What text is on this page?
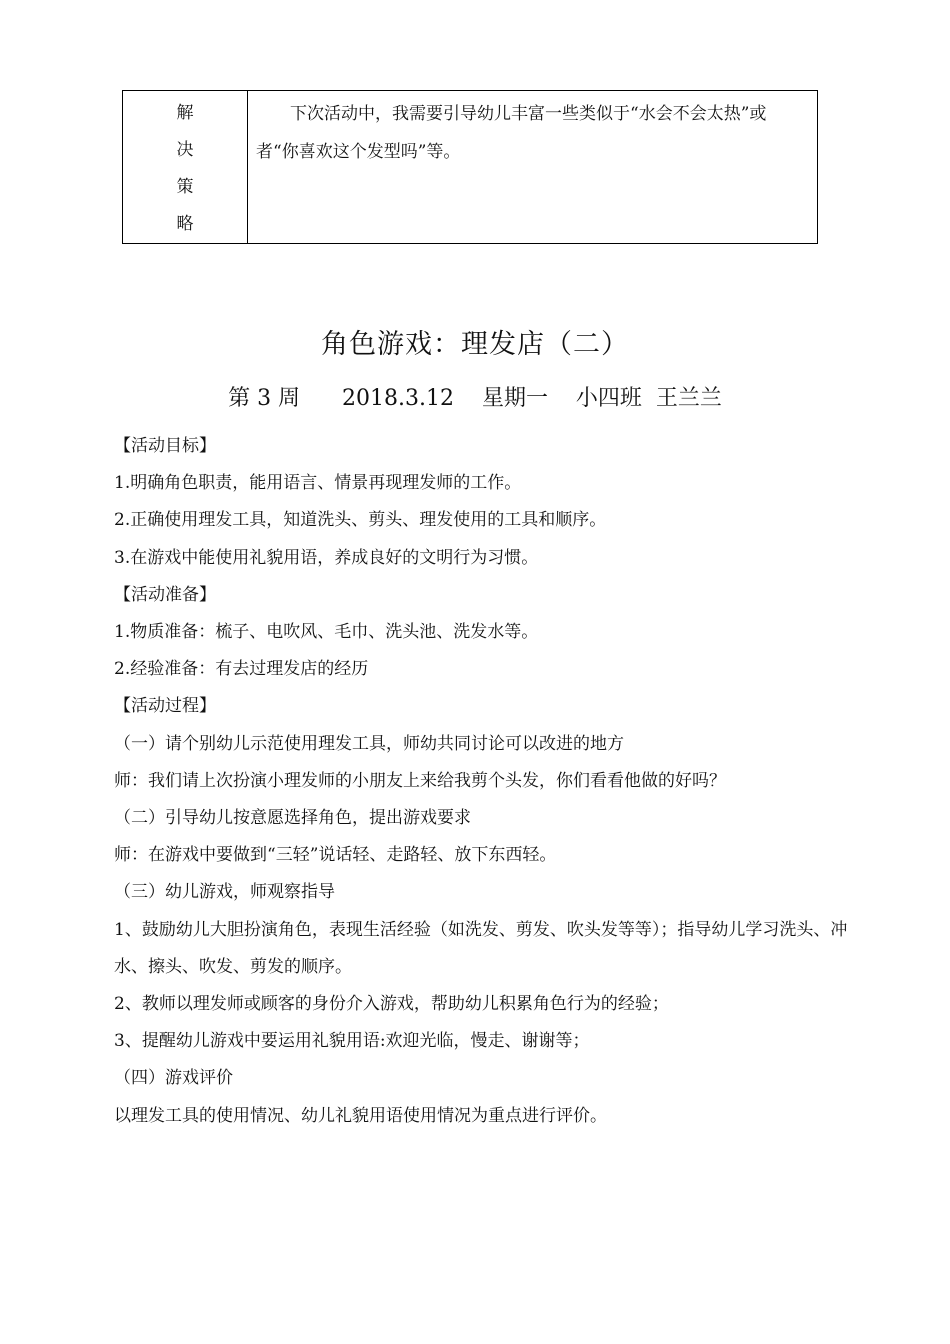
解
决
策
略
	下次活动中，我需要引导幼儿丰富一些类似于“水会不会太热”或者“你喜欢这个发型吗”等。
角色游戏：理发店（二）
第 3 周      2018.3.12    星期一    小四班  王兰兰
【活动目标】
1.明确角色职责，能用语言、情景再现理发师的工作。
2.正确使用理发工具，知道洗头、剪头、理发使用的工具和顺序。
3.在游戏中能使用礼貌用语，养成良好的文明行为习惯。
【活动准备】
1.物质准备：梳子、电吹风、毛巾、洗头池、洗发水等。
2.经验准备：有去过理发店的经历
【活动过程】
（一）请个别幼儿示范使用理发工具，师幼共同讨论可以改进的地方
师：我们请上次扮演小理发师的小朋友上来给我剪个头发，你们看看他做的好吗？
（二）引导幼儿按意愿选择角色，提出游戏要求
师：在游戏中要做到“三轻”说话轻、走路轻、放下东西轻。
（三）幼儿游戏，师观察指导
1、鼓励幼儿大胆扮演角色，表现生活经验（如洗发、剪发、吹头发等等）；指导幼儿学习洗头、冲水、擦头、吹发、剪发的顺序。
2、教师以理发师或顾客的身份介入游戏，帮助幼儿积累角色行为的经验；
3、提醒幼儿游戏中要运用礼貌用语:欢迎光临，慢走、谢谢等；
（四）游戏评价
以理发工具的使用情况、幼儿礼貌用语使用情况为重点进行评价。
